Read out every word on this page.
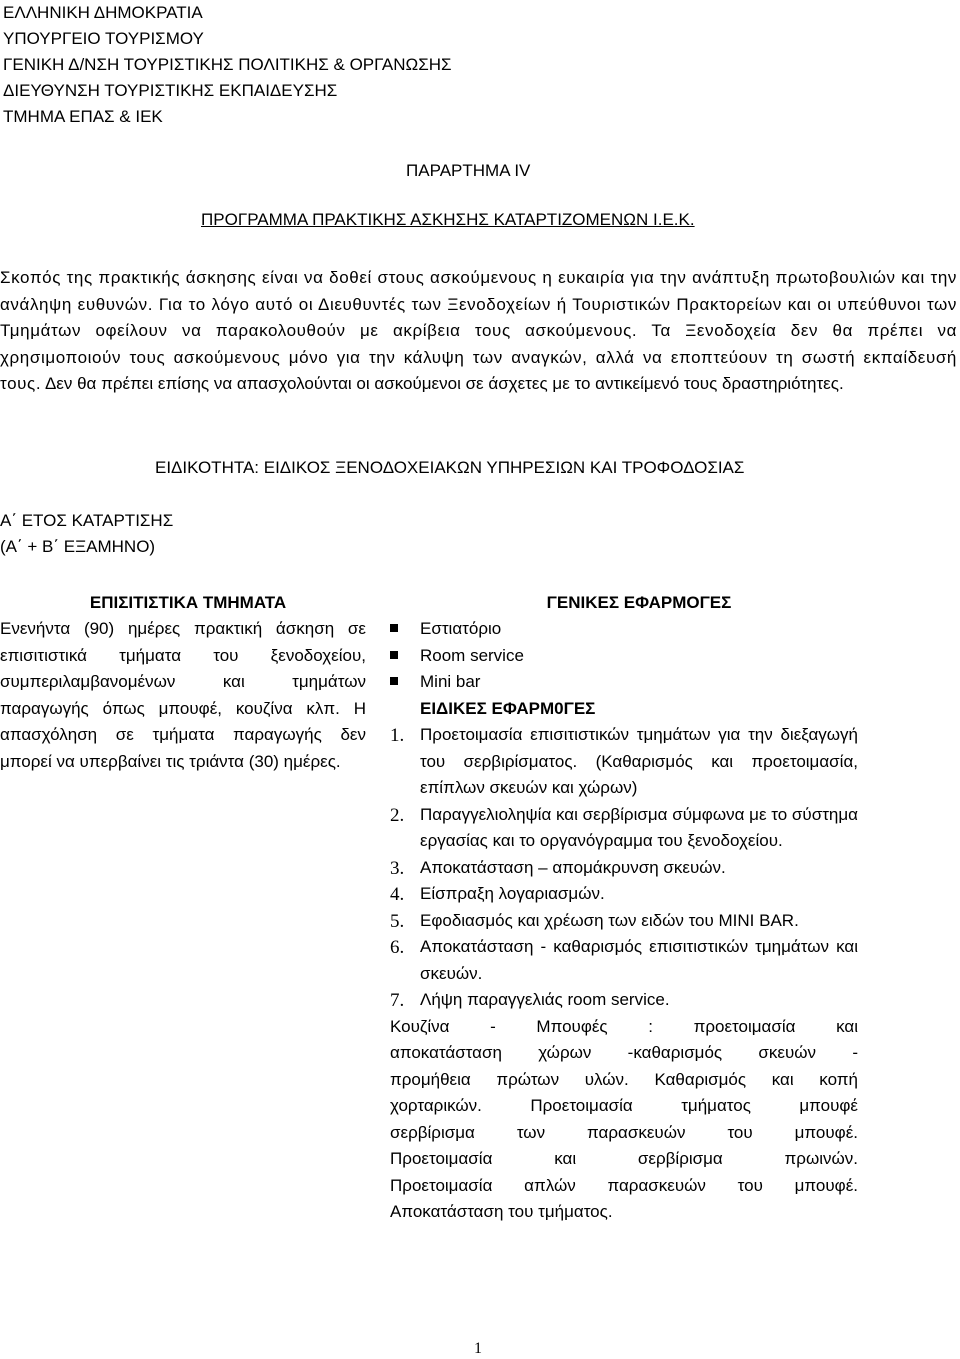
ΕΛΛΗΝΙΚΗ ΔΗΜΟΚΡΑΤΙΑ
ΥΠΟΥΡΓΕΙΟ ΤΟΥΡΙΣΜΟΥ
ΓΕΝΙΚΗ Δ/ΝΣΗ ΤΟΥΡΙΣΤΙΚΗΣ ΠΟΛΙΤΙΚΗΣ & ΟΡΓΑΝΩΣΗΣ
ΔΙΕΥΘΥΝΣΗ ΤΟΥΡΙΣΤΙΚΗΣ ΕΚΠΑΙΔΕΥΣΗΣ
ΤΜΗΜΑ ΕΠΑΣ & ΙΕΚ
ΠΑΡΑΡΤΗΜΑ IV
ΠΡΟΓΡΑΜΜΑ ΠΡΑΚΤΙΚΗΣ ΑΣΚΗΣΗΣ ΚΑΤΑΡΤΙΖΟΜΕΝΩΝ Ι.Ε.Κ.
Σκοπός της πρακτικής άσκησης είναι να δοθεί στους ασκούμενους η ευκαιρία για την ανάπτυξη πρωτοβουλιών και την ανάληψη ευθυνών. Για το λόγο αυτό οι Διευθυντές των Ξενοδοχείων ή Τουριστικών Πρακτορείων και οι υπεύθυνοι των Τμημάτων οφείλουν να παρακολουθούν με ακρίβεια τους ασκούμενους. Τα Ξενοδοχεία δεν θα πρέπει να χρησιμοποιούν τους ασκούμενους μόνο για την κάλυψη των αναγκών, αλλά να εποπτεύουν τη σωστή εκπαίδευσή τους. Δεν θα πρέπει επίσης να απασχολούνται οι ασκούμενοι σε άσχετες με το αντικείμενό τους δραστηριότητες.
ΕΙΔΙΚΟΤΗΤΑ: ΕΙΔΙΚΟΣ ΞΕΝΟΔΟΧΕΙΑΚΩΝ ΥΠΗΡΕΣΙΩΝ ΚΑΙ ΤΡΟΦΟΔΟΣΙΑΣ
Α΄ ΕΤΟΣ ΚΑΤΑΡΤΙΣΗΣ
(Α΄ + Β΄ ΕΞΑΜΗΝΟ)
ΕΠΙΣΙΤΙΣΤΙΚΑ ΤΜΗΜΑΤΑ
Ενενήντα (90) ημέρες πρακτική άσκηση σε επισιτιστικά τμήματα του ξενοδοχείου, συμπεριλαμβανομένων και τμημάτων παραγωγής όπως μπουφέ, κουζίνα κλπ. Η απασχόληση σε τμήματα παραγωγής δεν μπορεί να υπερβαίνει τις τριάντα (30) ημέρες.
ΓΕΝΙΚΕΣ ΕΦΑΡΜΟΓΕΣ
Εστιατόριο
Room service
Mini bar
ΕΙΔΙΚΕΣ ΕΦΑΡΜ0ΓΕΣ
1. Προετοιμασία επισιτιστικών τμημάτων για την διεξαγωγή του σερβιρίσματος. (Καθαρισμός και προετοιμασία, επίπλων σκευών και χώρων)
2. Παραγγελιοληψία και σερβίρισμα σύμφωνα με το σύστημα εργασίας και το οργανόγραμμα του ξενοδοχείου.
3. Αποκατάσταση – απομάκρυνση σκευών.
4. Είσπραξη λογαριασμών.
5. Εφοδιασμός και χρέωση των ειδών του MINI BAR.
6. Αποκατάσταση - καθαρισμός επισιτιστικών τμημάτων και σκευών.
7. Λήψη παραγγελιάς room service.
Κουζίνα - Μπουφές : προετοιμασία και
αποκατάσταση χώρων -καθαρισμός σκευών -
προμήθεια πρώτων υλών. Καθαρισμός και κοπή
χορταρικών. Προετοιμασία τμήματος μπουφέ
σερβίρισμα των παρασκευών του μπουφέ.
Προετοιμασία και σερβίρισμα πρωινών.
Προετοιμασία απλών παρασκευών του μπουφέ.
Αποκατάσταση του τμήματος.
1
